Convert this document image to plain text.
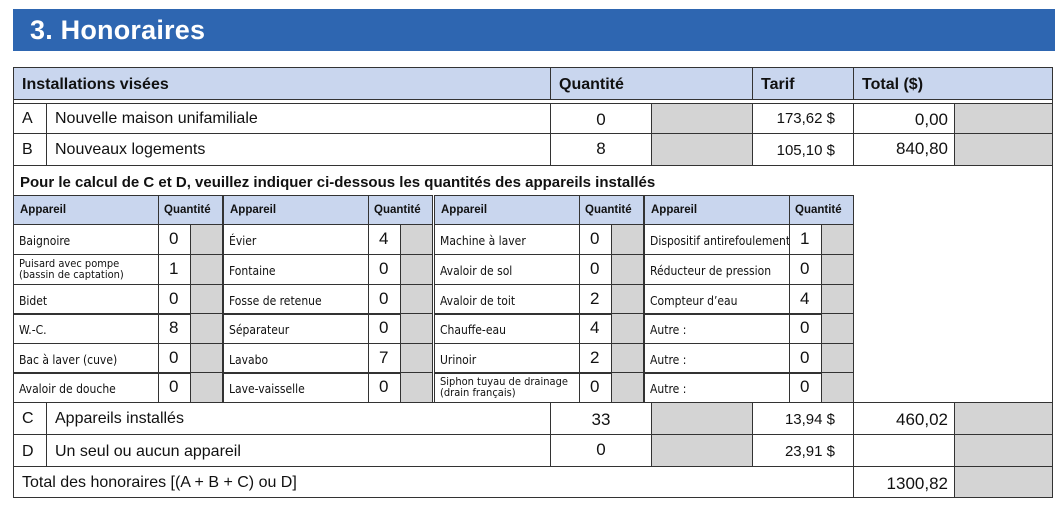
3. Honoraires
Installations visées	Quantité	Tarif	Total ($)
A Nouvelle maison unifamiliale	0	173,62 $	0,00
B Nouveaux logements	8	105,10 $	840,80
Pour le calcul de C et D, veuillez indiquer ci-dessous les quantités des appareils installés
Appareil	Quantité
Baignoire	0
Puisard avec pompe
(bassin de captation)	1
Bidet	0
W.-C.	8
Bac à laver (cuve)	0
Avaloir de douche	0
Appareil	Quantité
Évier	4
Fontaine	0
Fosse de retenue	0
Séparateur	0
Lavabo	7
Lave-vaisselle	0
Appareil	Quantité
Machine à laver	0
Avaloir de sol	0
Avaloir de toit	2
Chauffe-eau	4
Urinoir	2
Siphon tuyau de drainage
(drain français)	0
Appareil	Quantité
Dispositif antirefoulement 1
Réducteur de pression 0
Compteur d’eau	4
Autre :	0
Autre :	0
Autre :	0
C Appareils installés	33	13,94 $	460,02
D Un seul ou aucun appareil	0	23,91 $
Total des honoraires [(A + B + C) ou D]	1300,82
